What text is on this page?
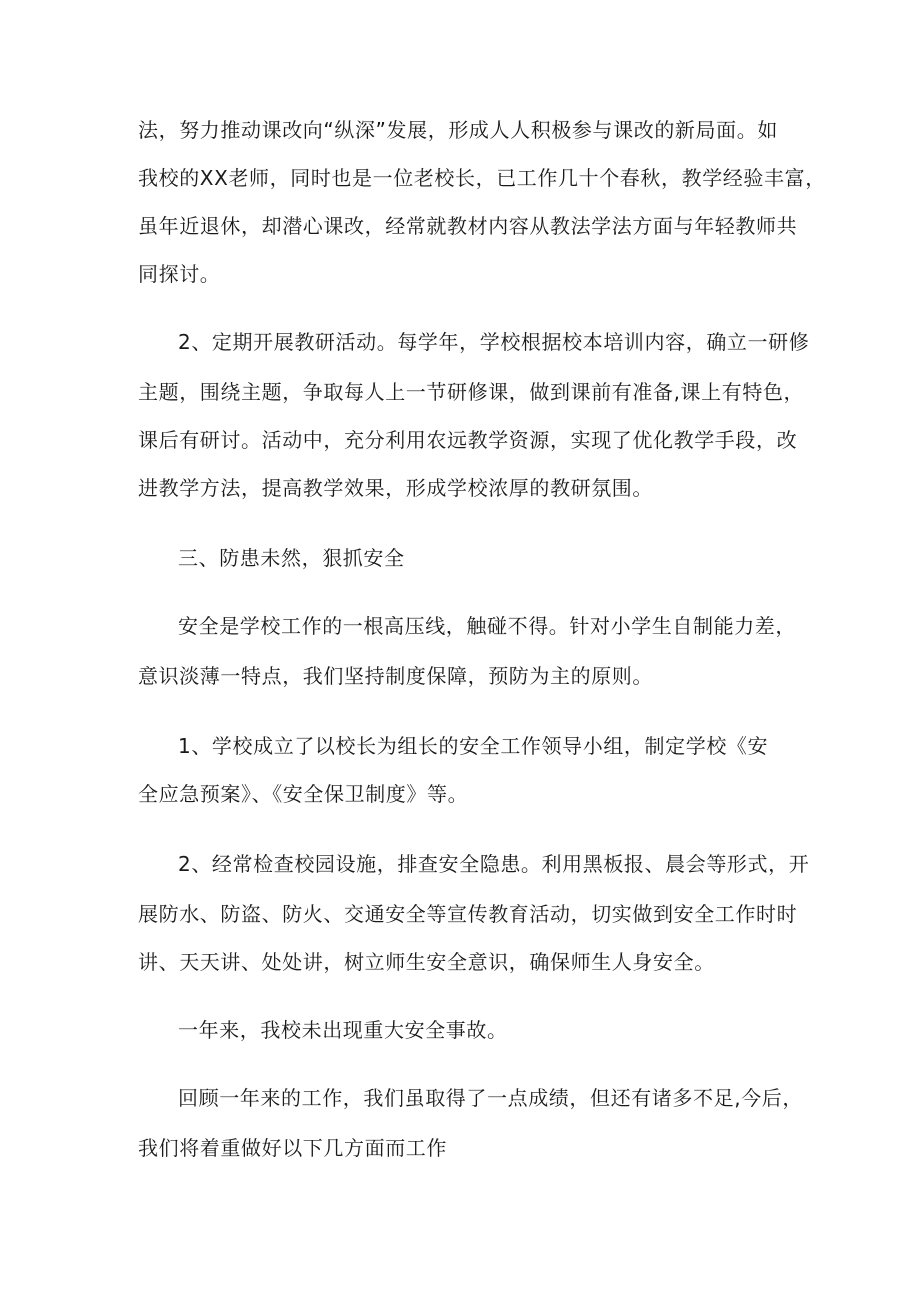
法，努力推动课改向“纵深”发展，形成人人积极参与课改的新局面。如
我校的XX老师，同时也是一位老校长，已工作几十个春秋，教学经验丰富，
虽年近退休，却潜心课改，经常就教材内容从教法学法方面与年轻教师共
同探讨。
2、定期开展教研活动。每学年，学校根据校本培训内容，确立一研修
主题，围绕主题，争取每人上一节研修课，做到课前有准备,课上有特色，
课后有研讨。活动中，充分利用农远教学资源，实现了优化教学手段，改
进教学方法，提高教学效果，形成学校浓厚的教研氛围。
三、防患未然，狠抓安全
安全是学校工作的一根高压线，触碰不得。针对小学生自制能力差，
意识淡薄一特点，我们坚持制度保障，预防为主的原则。
1、学校成立了以校长为组长的安全工作领导小组，制定学校《安
全应急预案》、《安全保卫制度》等。
2、经常检查校园设施，排查安全隐患。利用黑板报、晨会等形式，开
展防水、防盗、防火、交通安全等宣传教育活动，切实做到安全工作时时
讲、天天讲、处处讲，树立师生安全意识，确保师生人身安全。
一年来，我校未出现重大安全事故。
回顾一年来的工作，我们虽取得了一点成绩，但还有诸多不足,今后，
我们将着重做好以下几方面而工作
